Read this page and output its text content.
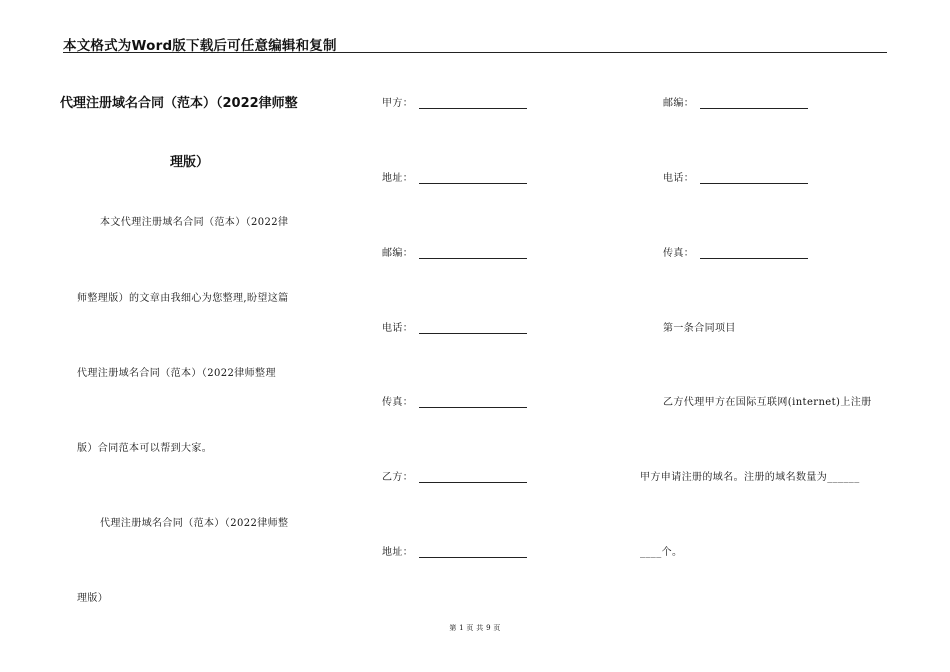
本文格式为Word版下载后可任意编辑和复制
代理注册域名合同（范本）（2022律师整
理版）
本文代理注册域名合同（范本）（2022律
师整理版）的文章由我细心为您整理,盼望这篇
代理注册域名合同（范本）（2022律师整理
版）合同范本可以帮到大家。
代理注册域名合同（范本）（2022律师整
理版）
甲方：
地址：
邮编：
电话：
传真：
乙方：
地址：
邮编：
电话：
传真：
第一条合同项目
乙方代理甲方在国际互联网(internet)上注册
甲方申请注册的域名。注册的域名数量为______
____个。
第 1 页 共 9 页
